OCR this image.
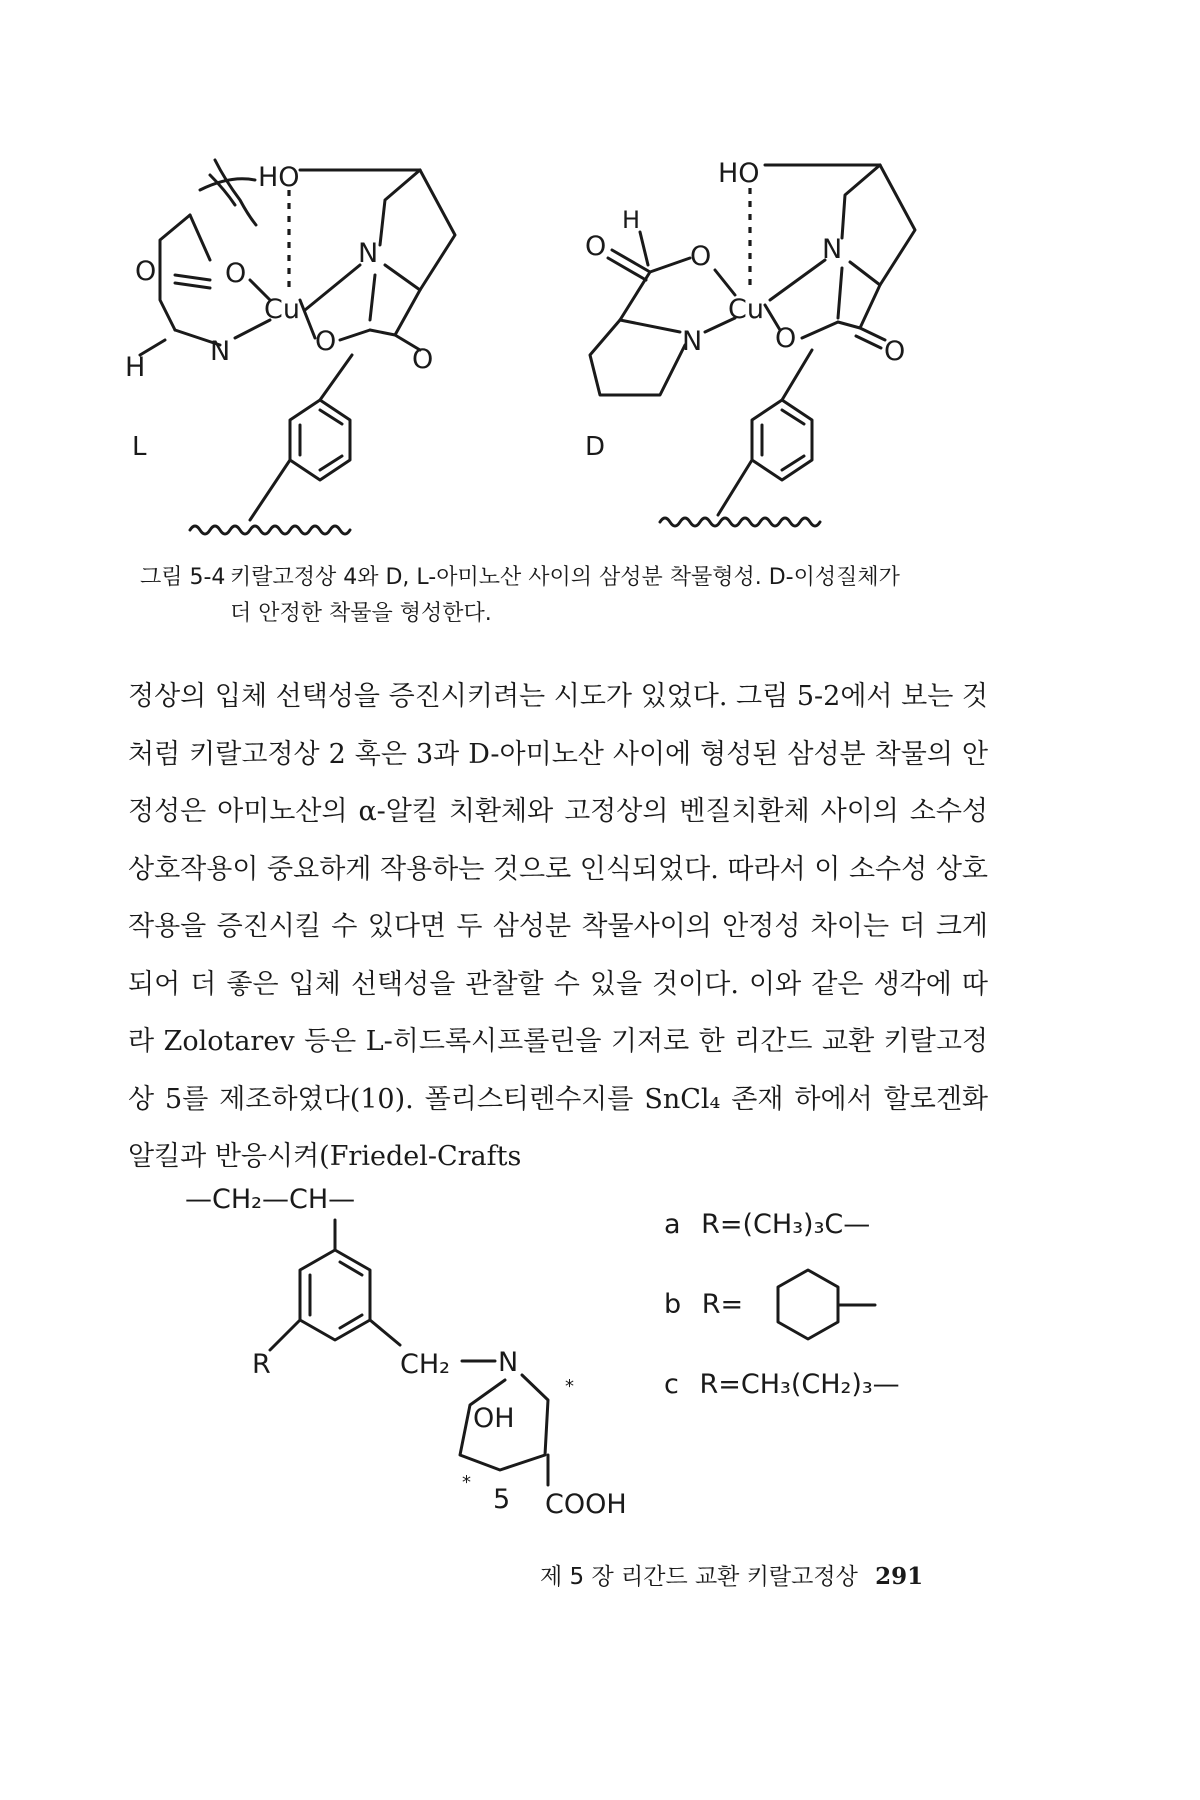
HO
Cu
O	O
H
N
N
O
O
L
HO
Cu
H
O	O
N
N
O	O
D
그림 5-4 키랄고정상 4와 D, L-아미노산 사이의 삼성분 착물형성. D-이성질체가
더 안정한 착물을 형성한다.

정상의 입체 선택성을 증진시키려는 시도가 있었다. 그림 5-2에서 보는 것처럼 키랄고정상 2 혹은 3과 D-아미노산 사이에 형성된 삼성분 착물의 안정성은 아미노산의 α-알킬 치환체와 고정상의 벤질치환체 사이의 소수성 상호작용이 중요하게 작용하는 것으로 인식되었다. 따라서 이 소수성 상호작용을 증진시킬 수 있다면 두 삼성분 착물사이의 안정성 차이는 더 크게 되어 더 좋은 입체 선택성을 관찰할 수 있을 것이다. 이와 같은 생각에 따라 Zolotarev 등은 L-히드록시프롤린을 기저로 한 리간드 교환 키랄고정상 5를 제조하였다(10). 폴리스티렌수지를 SnCl₄ 존재 하에서 할로겐화알킬과 반응시켜(Friedel-Crafts

—CH₂—CH—
R	CH₂ N
OH
*
*
COOH
a R=(CH₃)₃C—
b R=
c R=CH₃(CH₂)₃—
5
제 5 장 리간드 교환 키랄고정상 291
